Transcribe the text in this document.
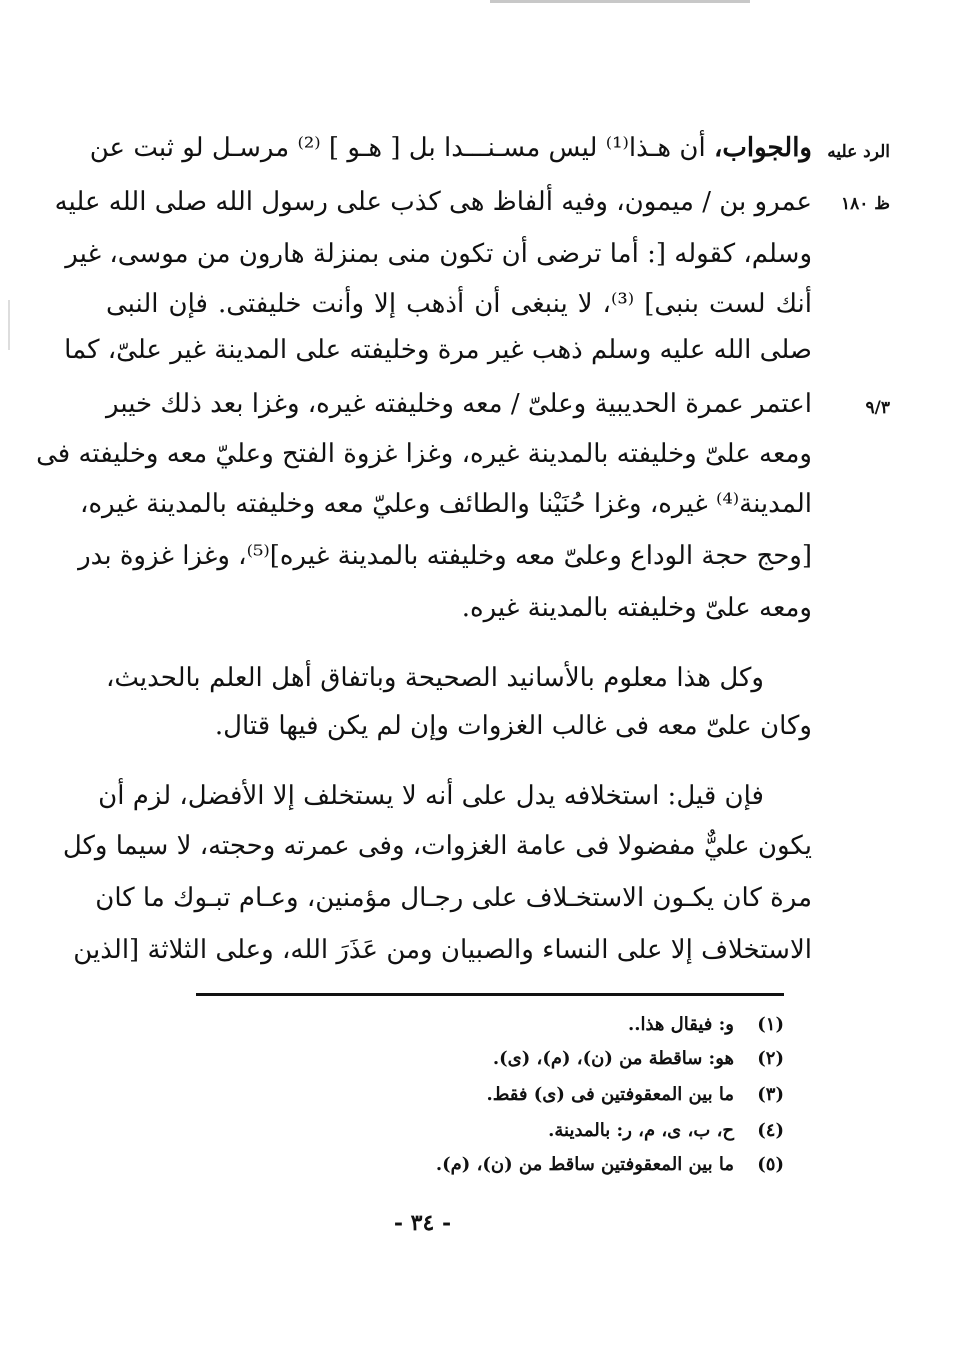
الرد عليه
ظ ١٨٠
٩/٣
والجواب، أن هـذا⁽¹⁾ ليس مسـنـــدا بل [ هـو ] ⁽²⁾ مرسـل لو ثبت عن
عمرو بن / ميمون، وفيه ألفاظ هى كذب على رسول الله صلى الله عليه
وسلم، كقوله [: أما ترضى أن تكون منى بمنزلة هارون من موسى، غير
أنك لست بنبى] ⁽³⁾، لا ينبغى أن أذهب إلا وأنت خليفتى. فإن النبى
صلى الله عليه وسلم ذهب غير مرة وخليفته على المدينة غير علىّ، كما
اعتمر عمرة الحديبية وعلىّ / معه وخليفته غيره، وغزا بعد ذلك خيبر
ومعه علىّ وخليفته بالمدينة غيره، وغزا غزوة الفتح وعليّ معه وخليفته فى
المدينة⁽⁴⁾ غيره، وغزا حُنَيْنا والطائف وعليّ معه وخليفته بالمدينة غيره،
[وحج حجة الوداع وعلىّ معه وخليفته بالمدينة غيره]⁽⁵⁾، وغزا غزوة بدر
ومعه علىّ وخليفته بالمدينة غيره.
وكل هذا معلوم بالأسانيد الصحيحة وباتفاق أهل العلم بالحديث،
وكان علىّ معه فى غالب الغزوات وإن لم يكن فيها قتال.
فإن قيل: استخلافه يدل على أنه لا يستخلف إلا الأفضل، لزم أن
يكون عليٌّ مفضولا فى عامة الغزوات، وفى عمرته وحجته، لا سيما وكل
مرة كان يكـون الاستخـلاف على رجـال مؤمنين، وعـام تبـوك ما كان
الاستخلاف إلا على النساء والصبيان ومن عَذَرَ الله، وعلى الثلاثة [الذين
(١)و: فيقال هذا..
(٢)هو: ساقطة من (ن)، (م)، (ى).
(٣)ما بين المعقوفتين فى (ى) فقط.
(٤)ح، ب، ى، م، ر: بالمدينة.
(٥)ما بين المعقوفتين ساقط من (ن)، (م).
- ٣٤ -
